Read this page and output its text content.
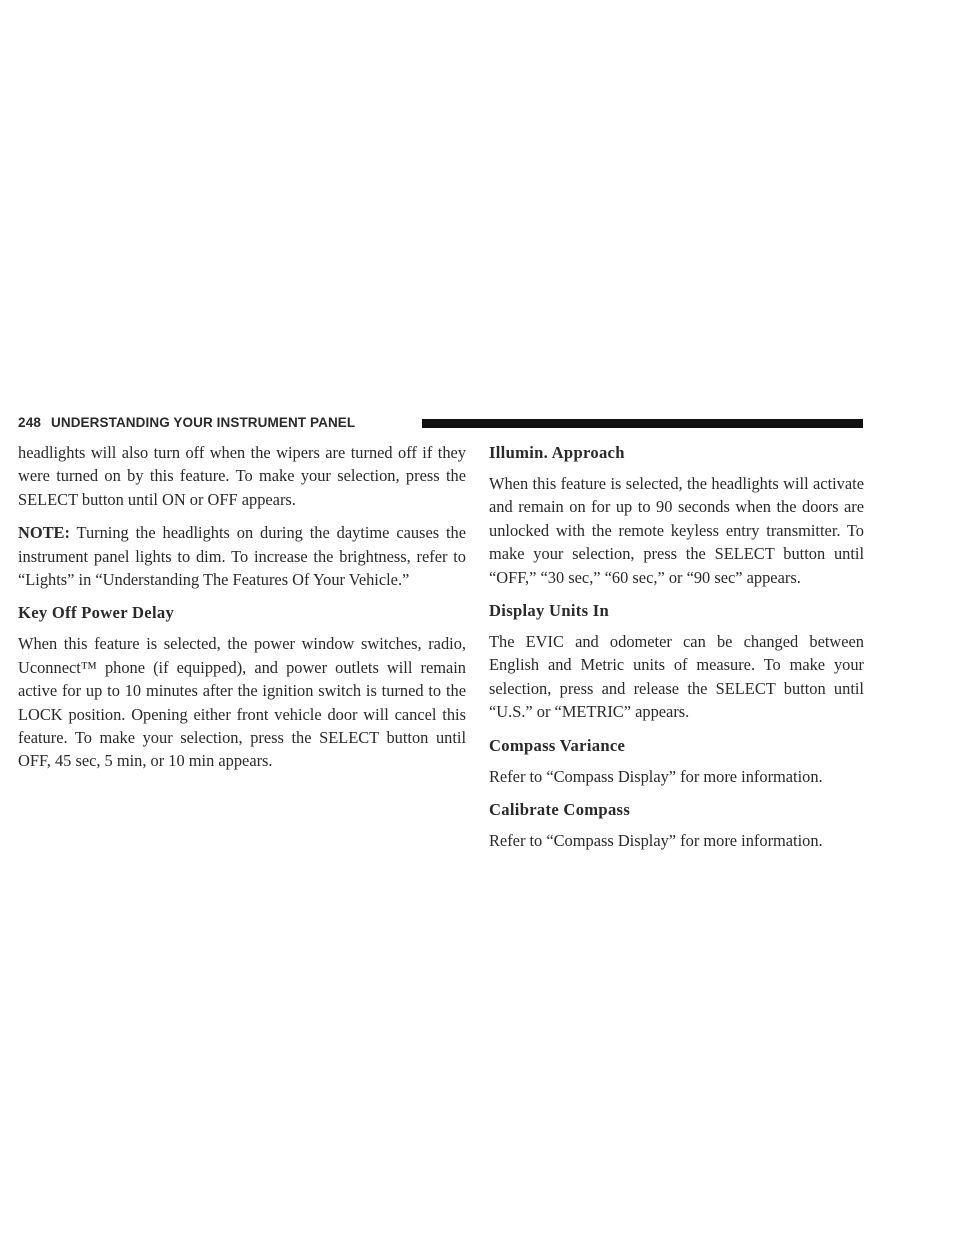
248 UNDERSTANDING YOUR INSTRUMENT PANEL

headlights will also turn off when the wipers are turned off if they were turned on by this feature. To make your selection, press the SELECT button until ON or OFF appears.

NOTE: Turning the headlights on during the daytime causes the instrument panel lights to dim. To increase the brightness, refer to “Lights” in “Understanding The Features Of Your Vehicle.”

Key Off Power Delay

When this feature is selected, the power window switches, radio, Uconnect™ phone (if equipped), and power outlets will remain active for up to 10 minutes after the ignition switch is turned to the LOCK position. Opening either front vehicle door will cancel this feature. To make your selection, press the SELECT button until OFF, 45 sec, 5 min, or 10 min appears.

Illumin. Approach

When this feature is selected, the headlights will activate and remain on for up to 90 seconds when the doors are unlocked with the remote keyless entry transmitter. To make your selection, press the SELECT button until “OFF,” “30 sec,” “60 sec,” or “90 sec” appears.

Display Units In

The EVIC and odometer can be changed between English and Metric units of measure. To make your selection, press and release the SELECT button until “U.S.” or “METRIC” appears.

Compass Variance

Refer to “Compass Display” for more information.

Calibrate Compass

Refer to “Compass Display” for more information.
